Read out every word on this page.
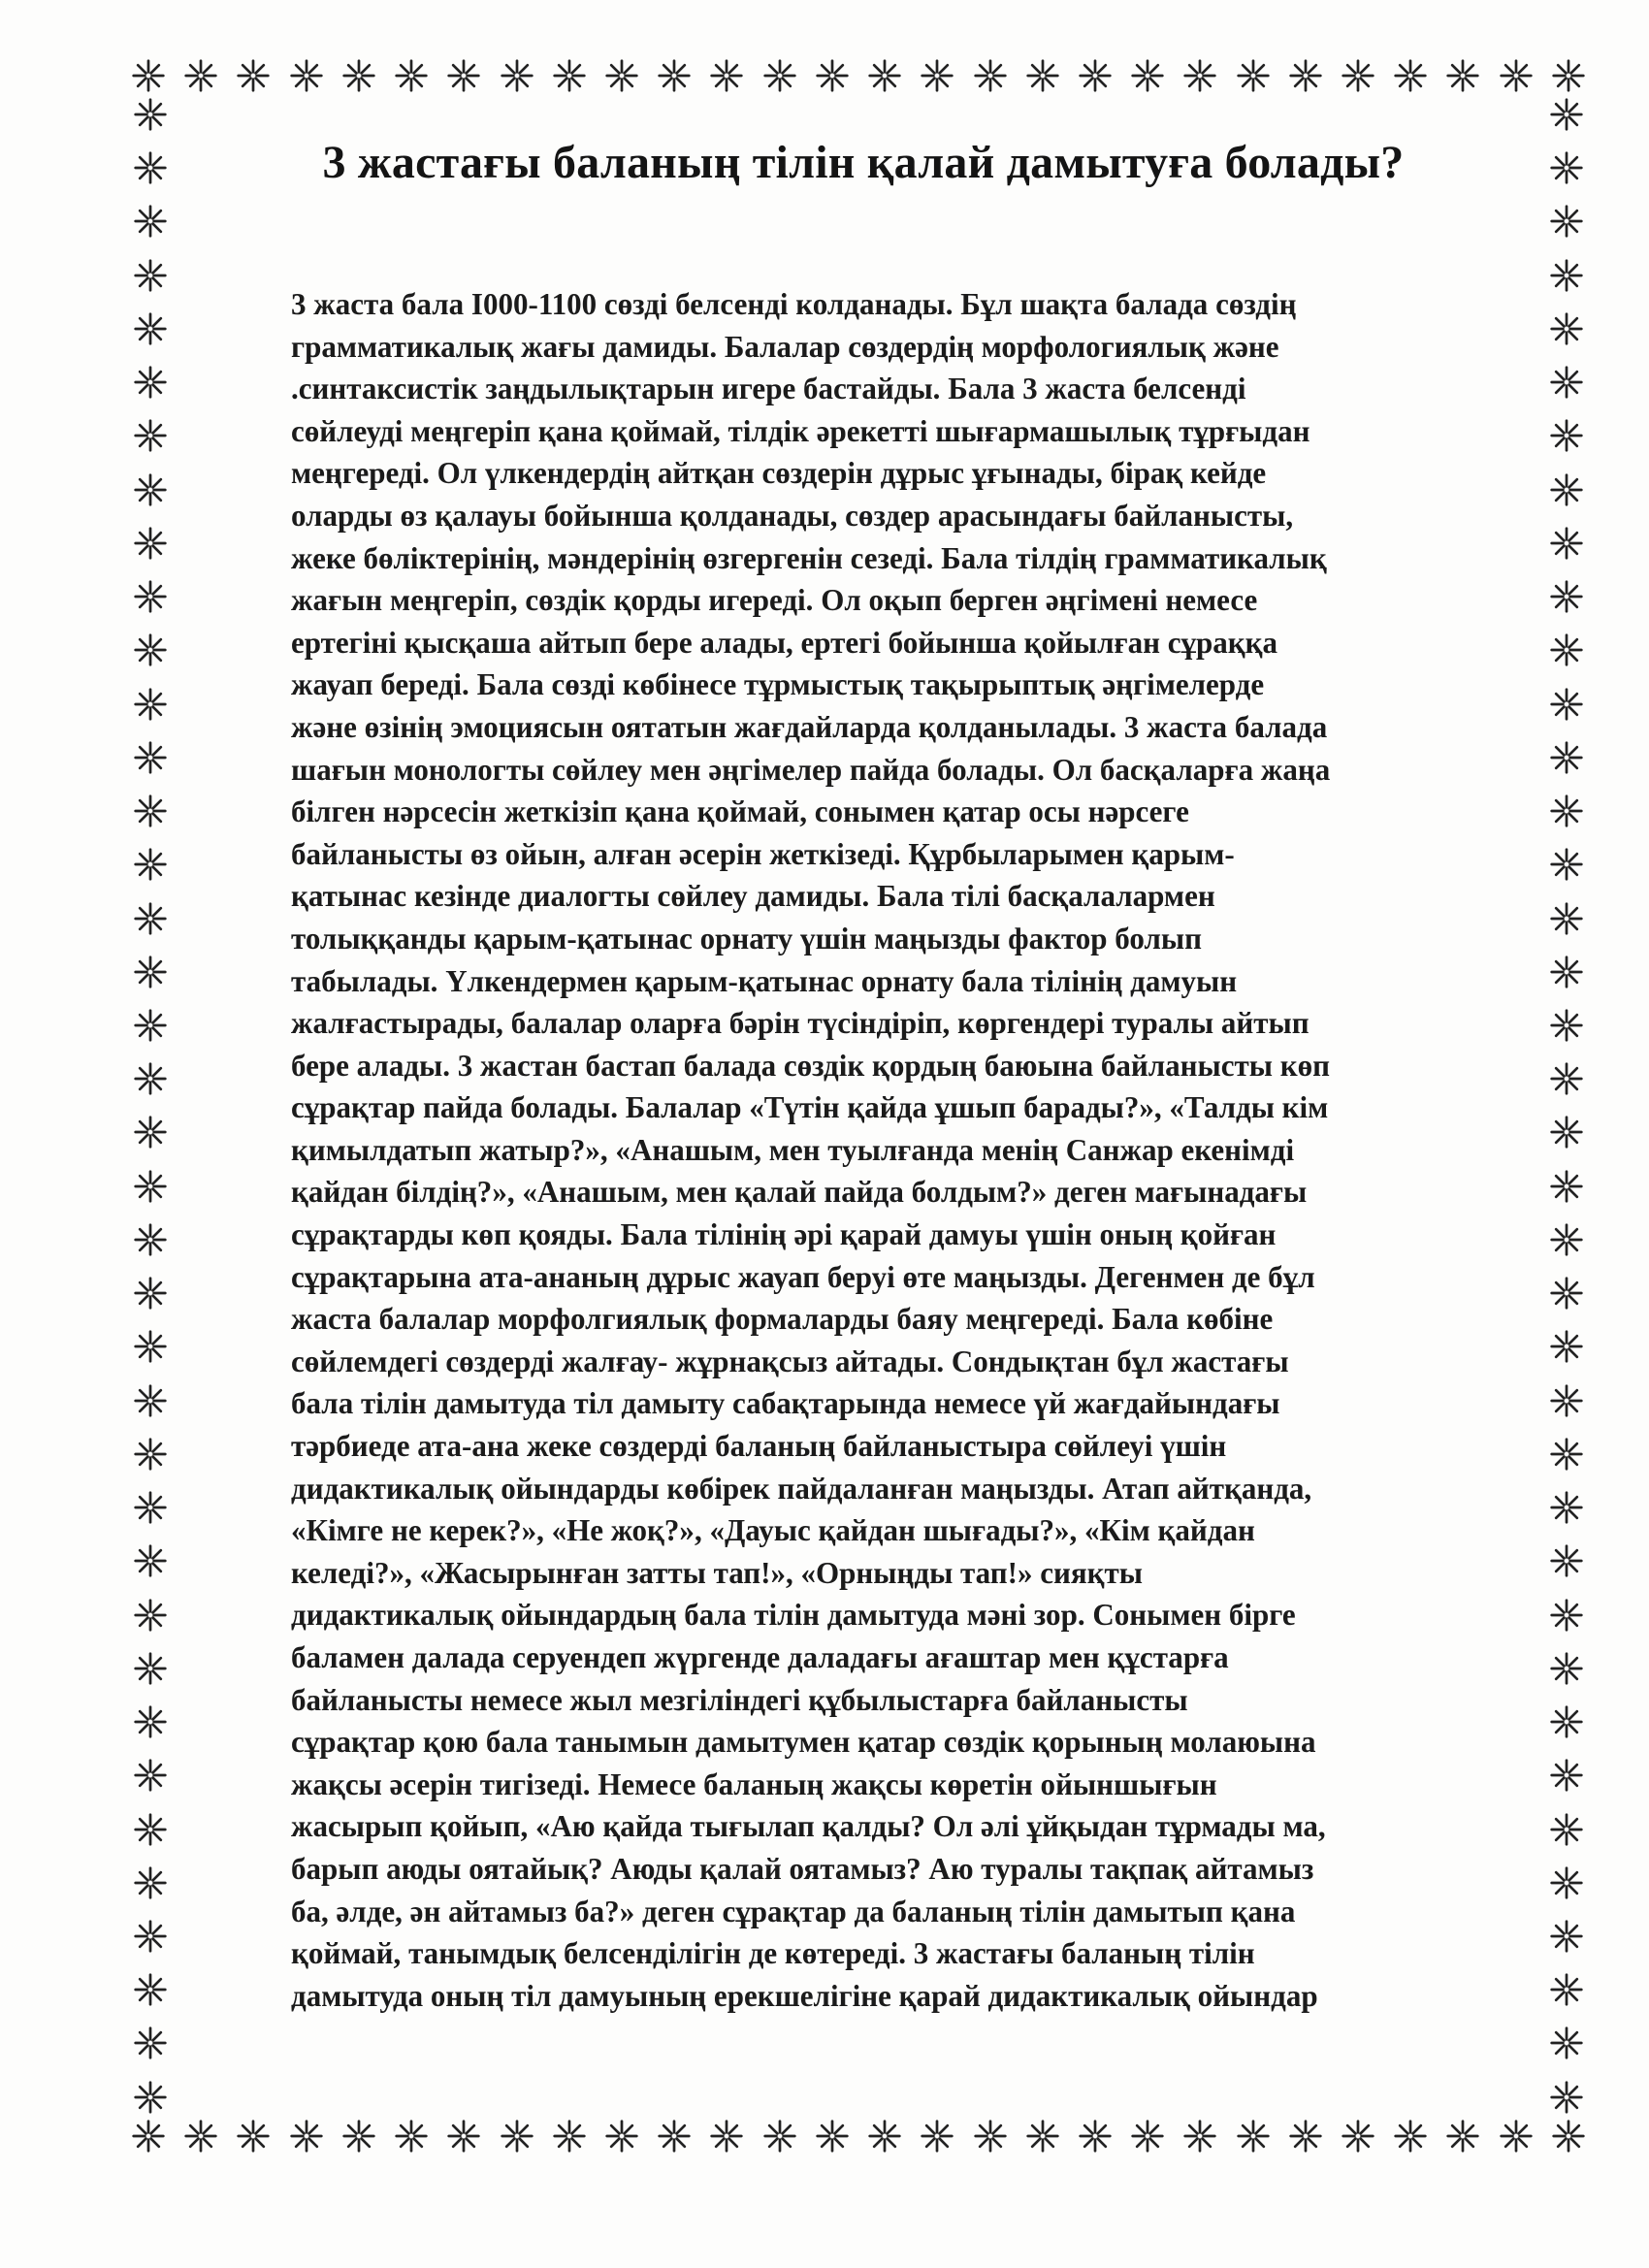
3 жастағы баланың тілін қалай дамытуға болады?
3 жаста бала I000-1100 сөзді белсенді колданады. Бұл шақта балада сөздің
грамматикалық жағы дамиды. Балалар сөздердің морфологиялық және
.синтаксистік заңдылықтарын игере бастайды. Бала 3 жаста белсенді
сөйлеуді меңгеріп қана қоймай, тілдік әрекетті шығармашылық тұрғыдан
меңгереді. Ол үлкендердің айтқан сөздерін дұрыс ұғынады, бірақ кейде
оларды өз қалауы бойынша қолданады, сөздер арасындағы байланысты,
жеке бөліктерінің, мәндерінің өзгергенін сезеді. Бала тілдің грамматикалық
жағын меңгеріп, сөздік қорды игереді. Ол оқып берген әңгімені немесе
ертегіні қысқаша айтып бере алады, ертегі бойынша қойылған сұраққа
жауап береді. Бала сөзді көбінесе тұрмыстық тақырыптық әңгімелерде
және өзінің эмоциясын оятатын жағдайларда қолданылады. 3 жаста балада
шағын монологты сөйлеу мен әңгімелер пайда болады. Ол басқаларға жаңа
білген нәрсесін жеткізіп қана қоймай, сонымен қатар осы нәрсеге
байланысты өз ойын, алған әсерін жеткізеді. Құрбыларымен қарым-
қатынас кезінде диалогты сөйлеу дамиды. Бала тілі басқалалармен
толыққанды қарым-қатынас орнату үшін маңызды фактор болып
табылады. Үлкендермен қарым-қатынас орнату бала тілінің дамуын
жалғастырады, балалар оларға бәрін түсіндіріп, көргендері туралы айтып
бере алады. 3 жастан бастап балада сөздік қордың баюына байланысты көп
сұрақтар пайда болады. Балалар «Түтін қайда ұшып барады?», «Талды кім
қимылдатып жатыр?», «Анашым, мен туылғанда менің Санжар екенімді
қайдан білдің?», «Анашым, мен қалай пайда болдым?» деген мағынадағы
сұрақтарды көп қояды. Бала тілінің әрі қарай дамуы үшін оның қойған
сұрақтарына ата-ананың дұрыс жауап беруі өте маңызды. Дегенмен де бұл
жаста балалар морфолгиялық формаларды баяу меңгереді. Бала көбіне
сөйлемдегі сөздерді жалғау- жұрнақсыз айтады. Сондықтан бұл жастағы
бала тілін дамытуда тіл дамыту сабақтарында немесе үй жағдайындағы
тәрбиеде ата-ана жеке сөздерді баланың байланыстыра сөйлеуі үшін
дидактикалық ойындарды көбірек пайдаланған маңызды. Атап айтқанда,
«Кімге не керек?», «Не жоқ?», «Дауыс қайдан шығады?», «Кім қайдан
келеді?», «Жасырынған затты тап!», «Орныңды тап!» сияқты
дидактикалық ойындардың бала тілін дамытуда мәні зор. Сонымен бірге
баламен далада серуендеп жүргенде даладағы ағаштар мен құстарға
байланысты немесе жыл мезгіліндегі құбылыстарға байланысты
сұрақтар қою бала танымын дамытумен қатар сөздік қорының молаюына
жақсы әсерін тигізеді. Немесе баланың жақсы көретін ойыншығын
жасырып қойып, «Аю қайда тығылап қалды? Ол әлі ұйқыдан тұрмады ма,
барып аюды оятайық? Аюды қалай оятамыз? Аю туралы тақпақ айтамыз
ба, әлде, ән айтамыз ба?» деген сұрақтар да баланың тілін дамытып қана
қоймай, танымдық белсенділігін де көтереді. 3 жастағы баланың тілін
дамытуда оның тіл дамуының ерекшелігіне қарай дидактикалық ойындар
